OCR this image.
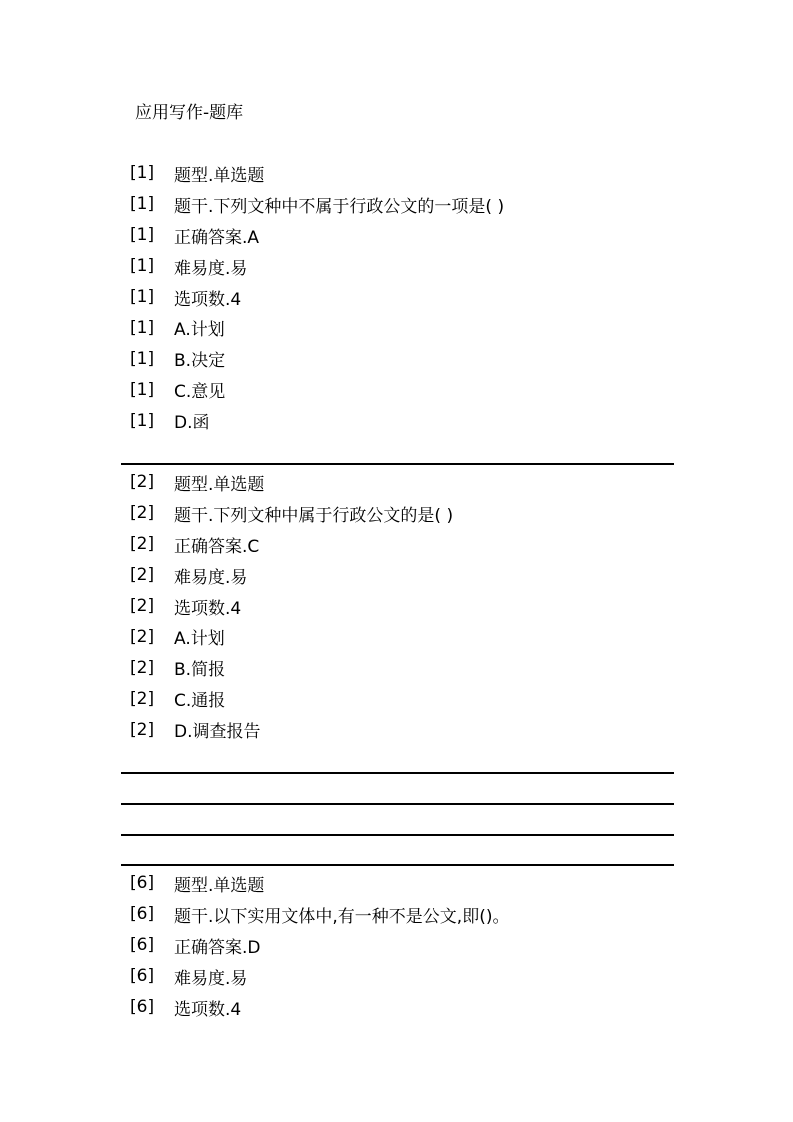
应用写作-题库
[1]	题型.单选题
[1]	题干.下列文种中不属于行政公文的一项是( )
[1]	正确答案.A
[1]	难易度.易
[1]	选项数.4
[1]	A.计划
[1]	B.决定
[1]	C.意见
[1]	D.函
[2]	题型.单选题
[2]	题干.下列文种中属于行政公文的是( )
[2]	正确答案.C
[2]	难易度.易
[2]	选项数.4
[2]	A.计划
[2]	B.简报
[2]	C.通报
[2]	D.调查报告
[6]	题型.单选题
[6]	题干.以下实用文体中,有一种不是公文,即()。
[6]	正确答案.D
[6]	难易度.易
[6]	选项数.4
